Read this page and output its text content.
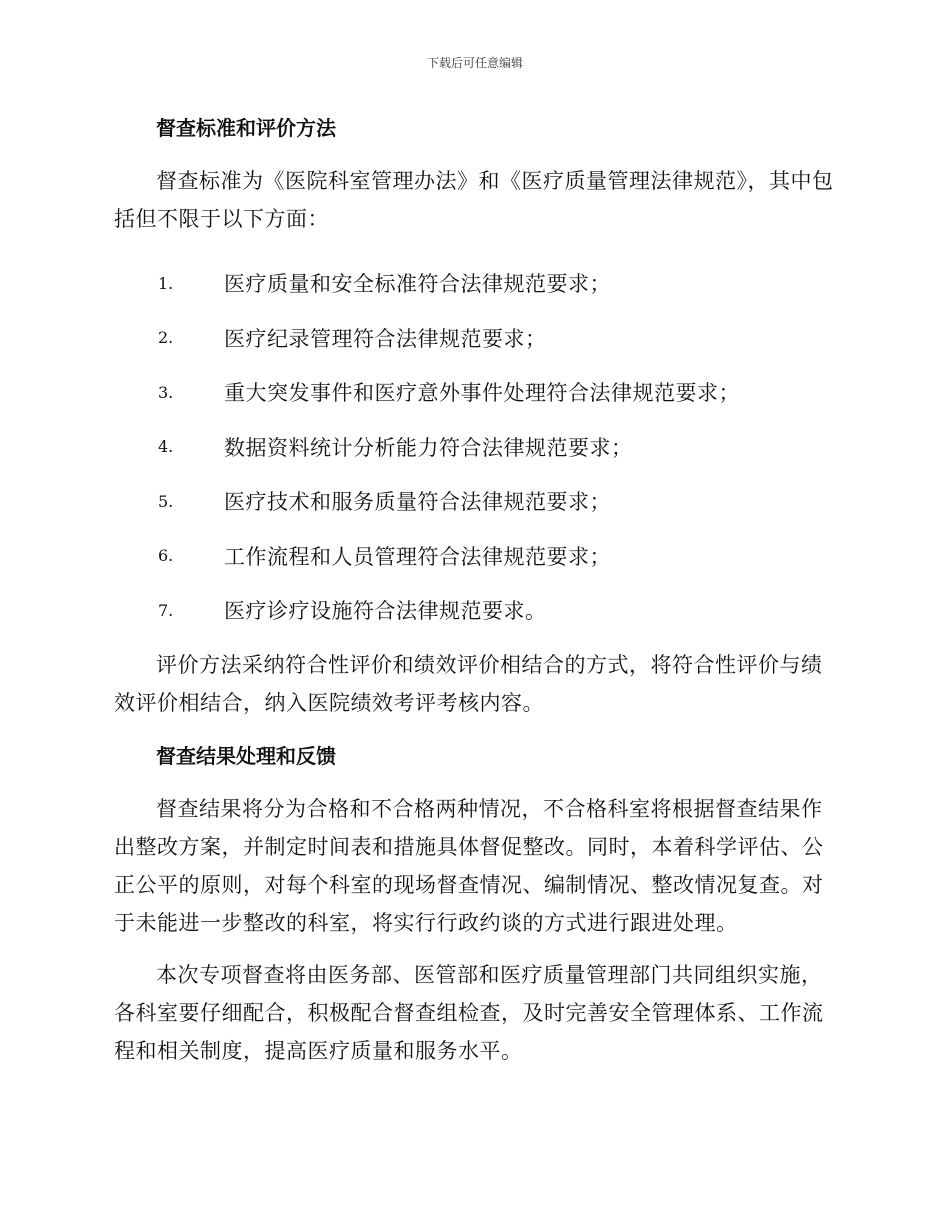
下载后可任意编辑
督查标准和评价方法

督查标准为《医院科室管理办法》和《医疗质量管理法律规范》，其中包括但不限于以下方面：

1.	医疗质量和安全标准符合法律规范要求；
2.	医疗纪录管理符合法律规范要求；
3.	重大突发事件和医疗意外事件处理符合法律规范要求；
4.	数据资料统计分析能力符合法律规范要求；
5.	医疗技术和服务质量符合法律规范要求；
6.	工作流程和人员管理符合法律规范要求；
7.	医疗诊疗设施符合法律规范要求。

评价方法采纳符合性评价和绩效评价相结合的方式，将符合性评价与绩效评价相结合，纳入医院绩效考评考核内容。

督查结果处理和反馈

督查结果将分为合格和不合格两种情况，不合格科室将根据督查结果作出整改方案，并制定时间表和措施具体督促整改。同时，本着科学评估、公正公平的原则，对每个科室的现场督查情况、编制情况、整改情况复查。对于未能进一步整改的科室，将实行行政约谈的方式进行跟进处理。

本次专项督查将由医务部、医管部和医疗质量管理部门共同组织实施，各科室要仔细配合，积极配合督查组检查，及时完善安全管理体系、工作流程和相关制度，提高医疗质量和服务水平。
